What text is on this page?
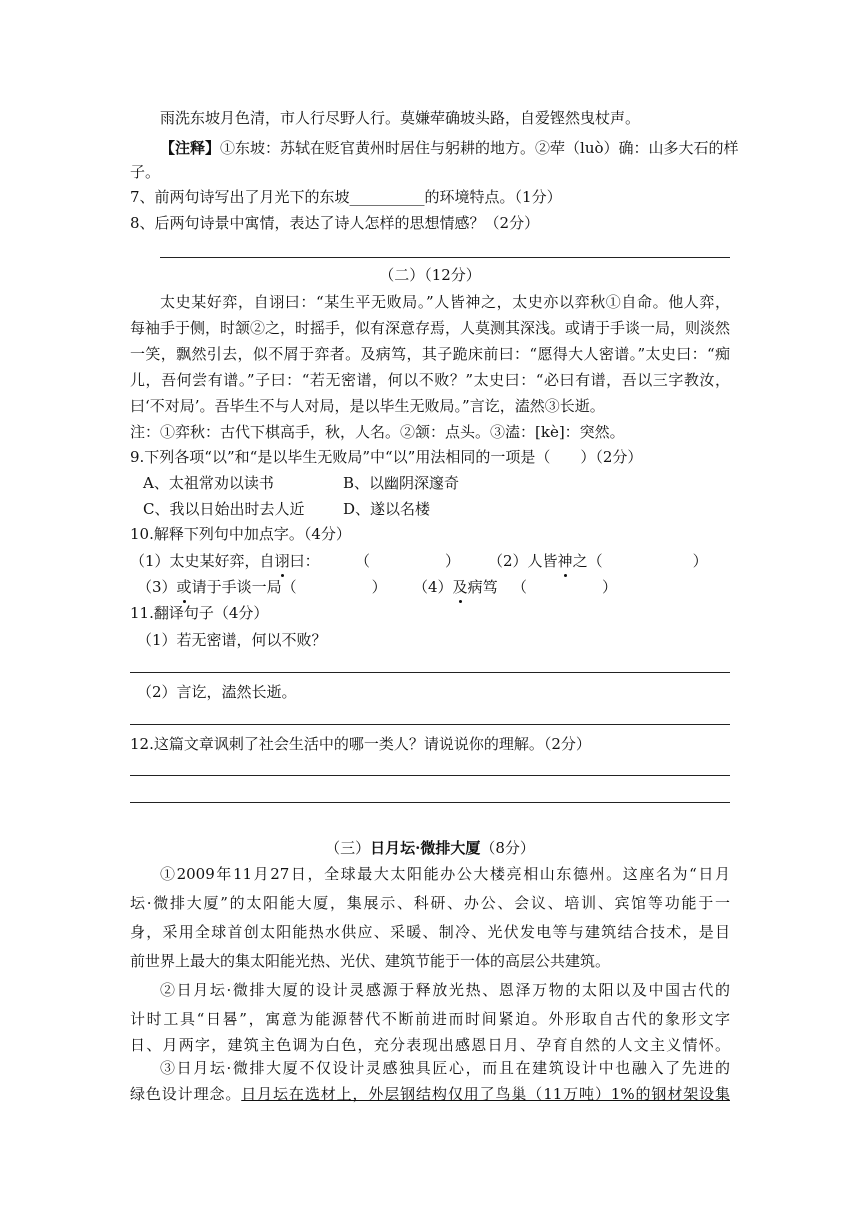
雨洗东坡月色清，市人行尽野人行。莫嫌荦确坡头路，自爱铿然曳杖声。
【注释】①东坡：苏轼在贬官黄州时居住与躬耕的地方。②荦（luò）确：山多大石的样
子。
7、前两句诗写出了月光下的东坡__________的环境特点。（1分）
8、后两句诗景中寓情，表达了诗人怎样的思想情感？（2分）
（二）（12分）
太史某好弈，自诩曰：“某生平无败局。”人皆神之，太史亦以弈秋①自命。他人弈，
每袖手于侧，时颔②之，时摇手，似有深意存焉，人莫测其深浅。或请于手谈一局，则淡然
一笑，飘然引去，似不屑于弈者。及病笃，其子跪床前曰：“愿得大人密谱。”太史曰：“痴
儿，吾何尝有谱。”子曰：“若无密谱，何以不败？”太史曰：“必曰有谱，吾以三字教汝，
曰‘不对局’。吾毕生不与人对局，是以毕生无败局。”言讫，溘然③长逝。
注：①弈秋：古代下棋高手，秋，人名。②颔：点头。③溘：[kè]：突然。
9.下列各项“以”和“是以毕生无败局”中“以”用法相同的一项是（　　）（2分）
A、太祖常劝以读书	B、以幽阴深邃奇
C、我以日始出时去人近	D、遂以名楼
10.解释下列句中加点字。（4分）
（1）太史某好弈，自诩曰： （　　　　　） （2）人皆神之（　　　　　　）
（3）或请于手谈一局（　　　　　） （4）及病笃 （　　　　　）
11.翻译句子（4分）
（1）若无密谱，何以不败？
（2）言讫，溘然长逝。
12.这篇文章讽刺了社会生活中的哪一类人？请说说你的理解。（2分）
（三）日月坛·微排大厦（8分）
①2009年11月27日，全球最大太阳能办公大楼亮相山东德州。这座名为“日月
坛·微排大厦”的太阳能大厦，集展示、科研、办公、会议、培训、宾馆等功能于一
身，采用全球首创太阳能热水供应、采暖、制冷、光伏发电等与建筑结合技术，是目
前世界上最大的集太阳能光热、光伏、建筑节能于一体的高层公共建筑。
②日月坛·微排大厦的设计灵感源于释放光热、恩泽万物的太阳以及中国古代的
计时工具“日晷”，寓意为能源替代不断前进而时间紧迫。外形取自古代的象形文字
日、月两字，建筑主色调为白色，充分表现出感恩日月、孕育自然的人文主义情怀。
③日月坛·微排大厦不仅设计灵感独具匠心，而且在建筑设计中也融入了先进的
绿色设计理念。日月坛在选材上，外层钢结构仅用了鸟巢（11万吨）1%的钢材架设集
